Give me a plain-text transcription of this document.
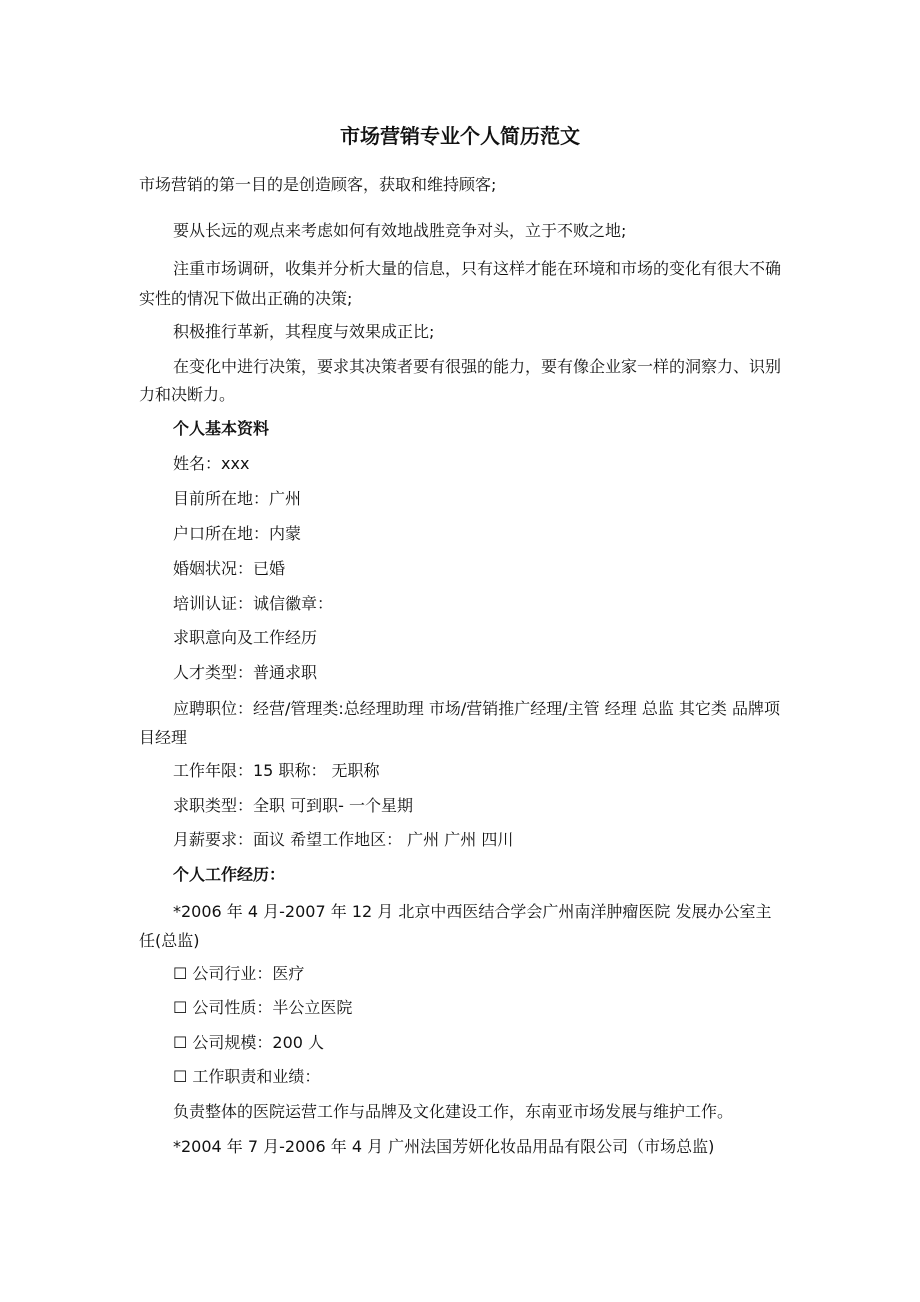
市场营销专业个人简历范文

市场营销的第一目的是创造顾客，获取和维持顾客;

要从长远的观点来考虑如何有效地战胜竞争对头，立于不败之地;

注重市场调研，收集并分析大量的信息，只有这样才能在环境和市场的变化有很大不确实性的情况下做出正确的决策;

积极推行革新，其程度与效果成正比;

在变化中进行决策，要求其决策者要有很强的能力，要有像企业家一样的洞察力、识别力和决断力。

个人基本资料

姓名：xxx

目前所在地：广州

户口所在地：内蒙

婚姻状况：已婚

培训认证：诚信徽章：

求职意向及工作经历

人才类型：普通求职

应聘职位：经营/管理类:总经理助理 市场/营销推广经理/主管 经理 总监 其它类 品牌项目经理

工作年限：15 职称： 无职称

求职类型：全职 可到职- 一个星期

月薪要求：面议 希望工作地区： 广州 广州 四川

个人工作经历：

*2006 年 4 月-2007 年 12 月 北京中西医结合学会广州南洋肿瘤医院 发展办公室主任(总监)

☐ 公司行业：医疗

☐ 公司性质：半公立医院

☐ 公司规模：200 人

☐ 工作职责和业绩：

负责整体的医院运营工作与品牌及文化建设工作，东南亚市场发展与维护工作。

*2004 年 7 月-2006 年 4 月 广州法国芳妍化妆品用品有限公司（市场总监)
